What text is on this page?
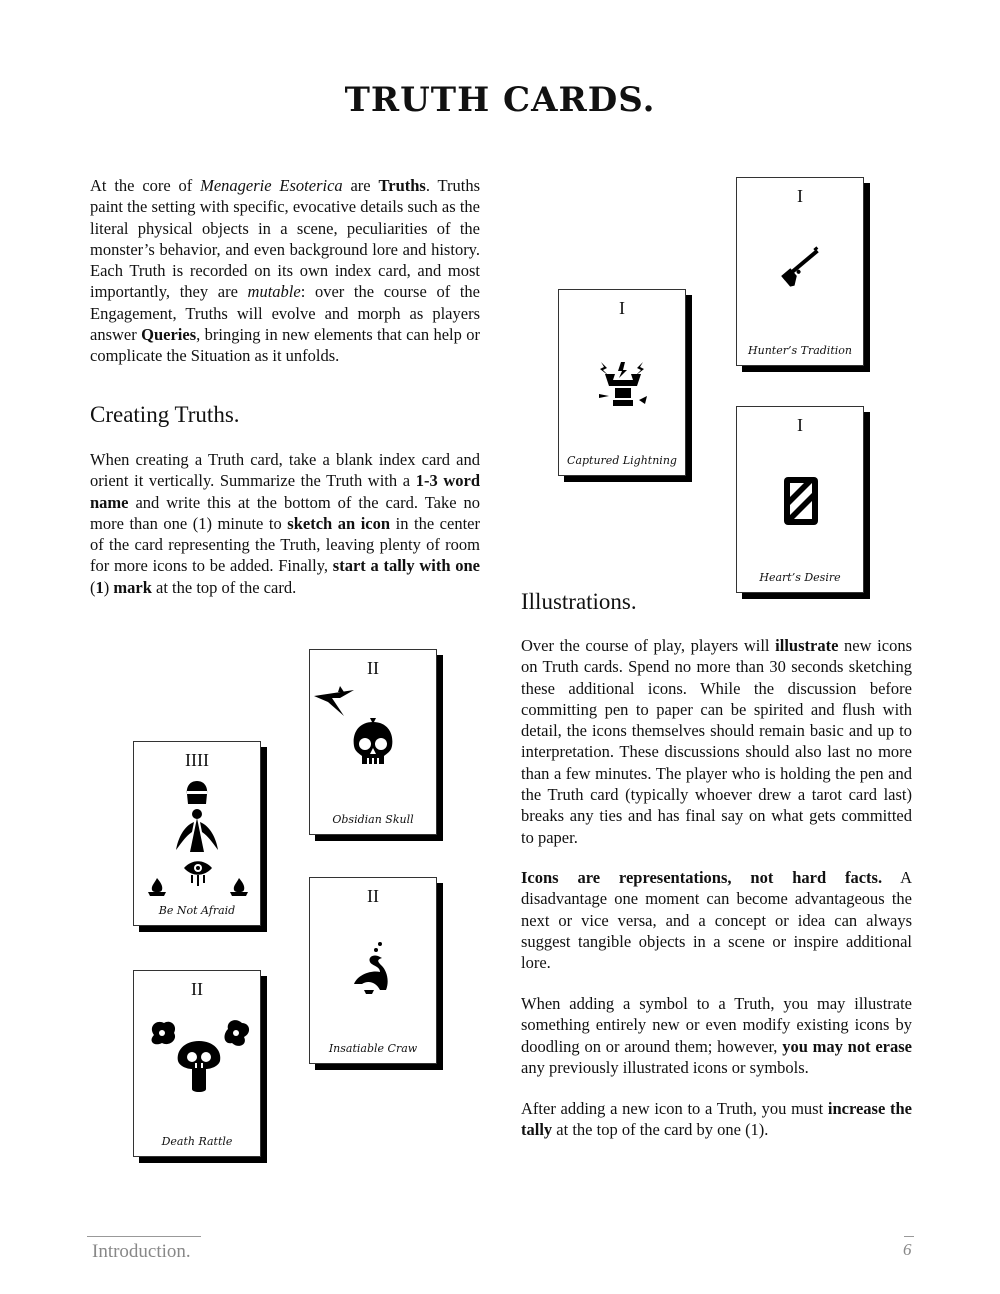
TRUTH CARDS.

At the core of Menagerie Esoterica are Truths. Truths paint the setting with specific, evocative details such as the literal physical objects in a scene, peculiarities of the monster’s behavior, and even background lore and history. Each Truth is recorded on its own index card, and most importantly, they are mutable: over the course of the Engagement, Truths will evolve and morph as players answer Queries, bringing in new elements that can help or complicate the Situation as it unfolds.

Creating Truths.

When creating a Truth card, take a blank index card and orient it vertically. Summarize the Truth with a 1-3 word name and write this at the bottom of the card. Take no more than one (1) minute to sketch an icon in the center of the card representing the Truth, leaving plenty of room for more icons to be added. Finally, start a tally with one (1) mark at the top of the card.

Illustrations.

Over the course of play, players will illustrate new icons on Truth cards. Spend no more than 30 seconds sketching these additional icons. While the discussion before committing pen to paper can be spirited and flush with detail, the icons themselves should remain basic and up to interpretation. These discussions should also last no more than a few minutes. The player who is holding the pen and the Truth card (typically whoever drew a tarot card last) breaks any ties and has final say on what gets committed to paper.

Icons are representations, not hard facts. A disadvantage one moment can become advantageous the next or vice versa, and a concept or idea can always suggest tangible objects in a scene or inspire additional lore.

When adding a symbol to a Truth, you may illustrate something entirely new or even modify existing icons by doodling on or around them; however, you may not erase any previously illustrated icons or symbols.

After adding a new icon to a Truth, you must increase the tally at the top of the card by one (1).

I
Hunter’s Tradition
I
Captured Lightning
I
Heart’s Desire
II
Obsidian Skull
IIII
Be Not Afraid
II
Insatiable Craw
II
Death Rattle
Introduction.	6
